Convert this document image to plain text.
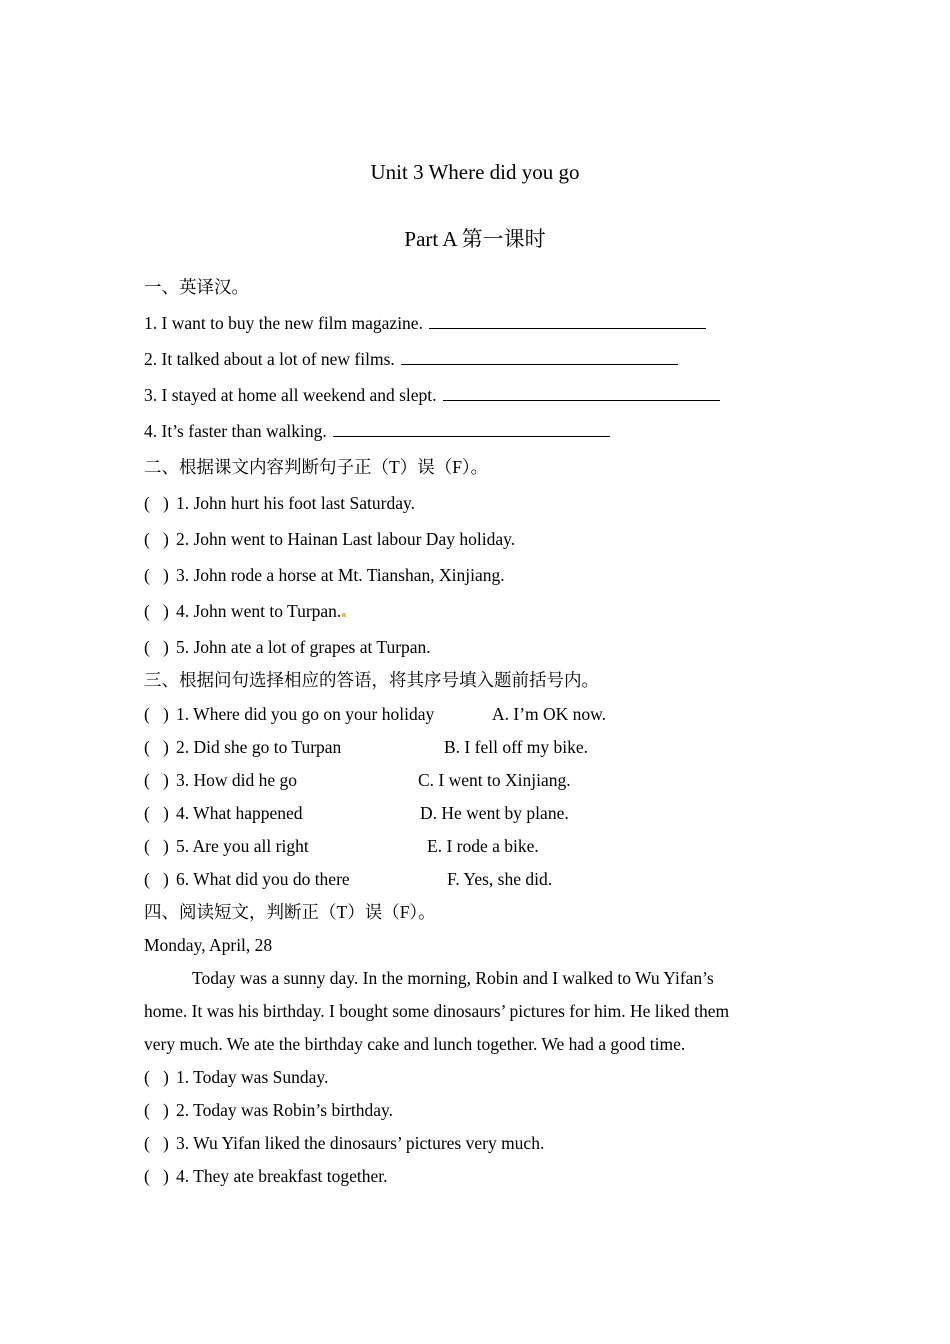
Unit 3 Where did you go
Part A 第一课时
一、英译汉。
1. I want to buy the new film magazine.
2. It talked about a lot of new films.
3. I stayed at home all weekend and slept.
4. It’s faster than walking.
二、根据课文内容判断句子正（T）误（F）。
(   ) 1. John hurt his foot last Saturday.
(   ) 2. John went to Hainan Last labour Day holiday.
(   ) 3. John rode a horse at Mt. Tianshan, Xinjiang.
(   ) 4. John went to Turpan.
(   ) 5. John ate a lot of grapes at Turpan.
三、根据问句选择相应的答语，将其序号填入题前括号内。
(   ) 1. Where did you go on your holiday	A. I’m OK now.
(   ) 2. Did she go to Turpan	B. I fell off my bike.
(   ) 3. How did he go	C. I went to Xinjiang.
(   ) 4. What happened	D. He went by plane.
(   ) 5. Are you all right	E. I rode a bike.
(   ) 6. What did you do there	F. Yes, she did.
四、阅读短文，判断正（T）误（F）。
Monday, April, 28
Today was a sunny day. In the morning, Robin and I walked to Wu Yifan’s
home. It was his birthday. I bought some dinosaurs’ pictures for him. He liked them
very much. We ate the birthday cake and lunch together. We had a good time.
(   ) 1. Today was Sunday.
(   ) 2. Today was Robin’s birthday.
(   ) 3. Wu Yifan liked the dinosaurs’ pictures very much.
(   ) 4. They ate breakfast together.
